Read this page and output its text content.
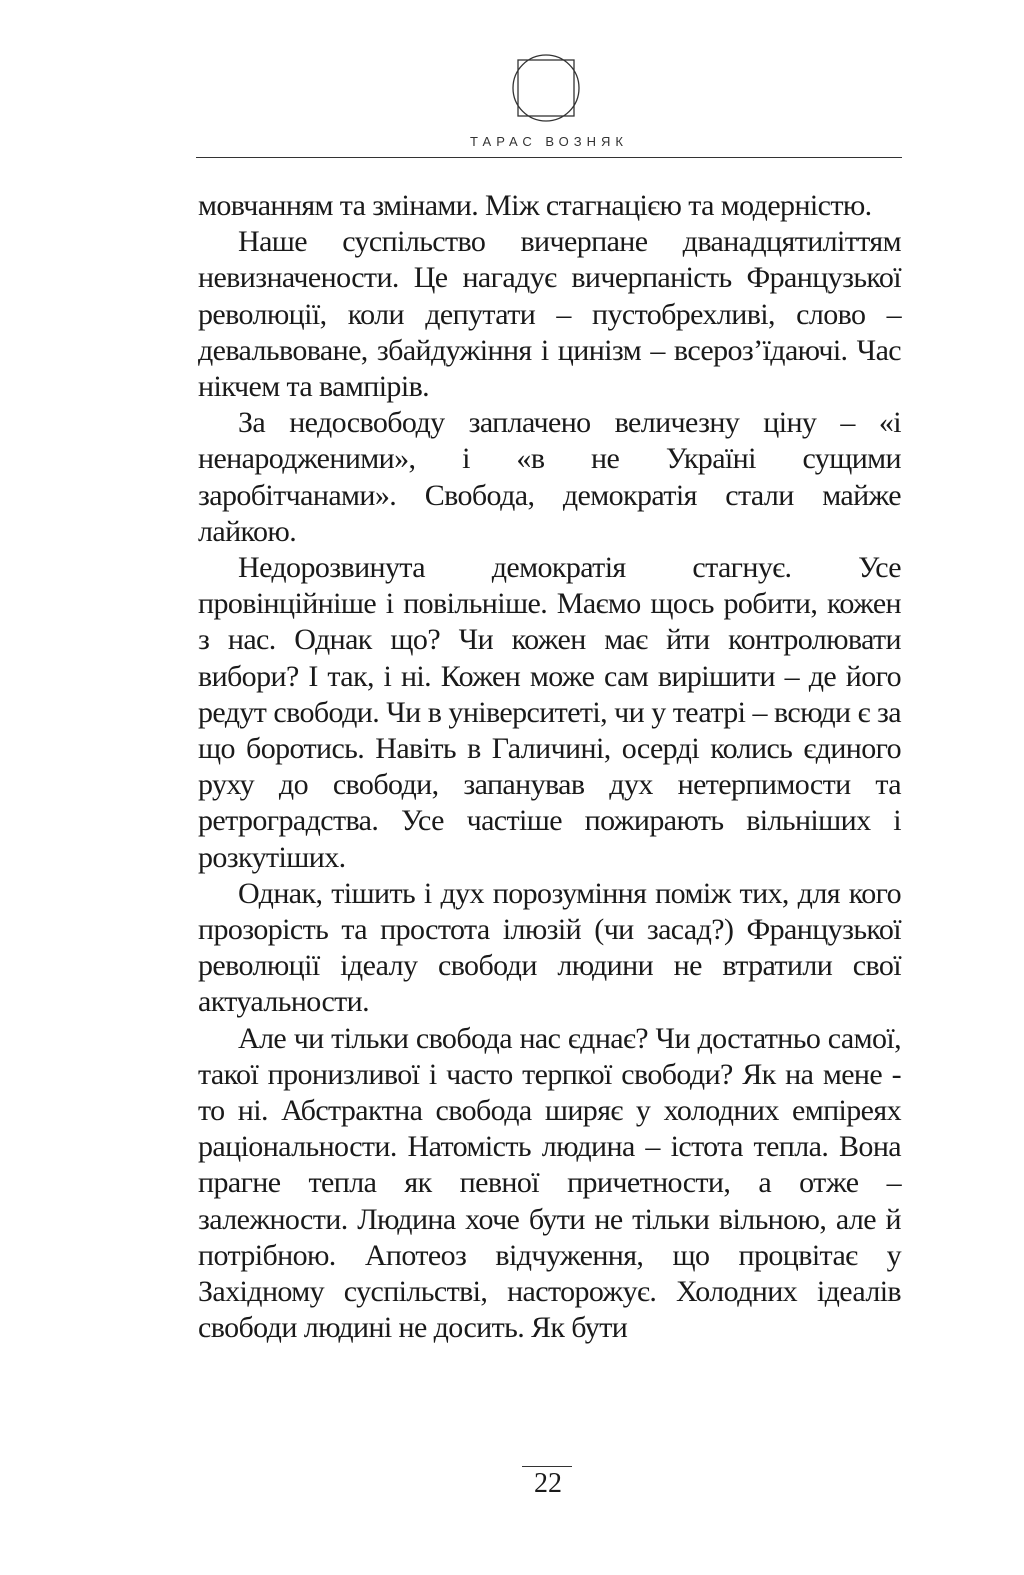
ТАРАС ВОЗНЯК

мовчанням та змінами. Між стагнацією та модерністю.

Наше суспільство вичерпане дванадцятиліттям невизначености. Це нагадує вичерпаність Французької революції, коли депутати – пустобрехливі, слово – девальвоване, збайдужіння і цинізм – всероз’їдаючі. Час нікчем та вампірів.

За недосвободу заплачено величезну ціну – «і ненародженими», і «в не Україні сущими заробітчанами». Свобода, демократія стали майже лайкою.

Недорозвинута демократія стагнує. Усе провінційніше і повільніше. Маємо щось робити, кожен з нас. Однак що? Чи кожен має йти контролювати вибори? І так, і ні. Кожен може сам вирішити – де його редут свободи. Чи в університеті, чи у театрі – всюди є за що боротись. Навіть в Галичині, осерді колись єдиного руху до свободи, запанував дух нетерпимости та ретроградства. Усе частіше пожирають вільніших і розкутіших.

Однак, тішить і дух порозуміння поміж тих, для кого прозорість та простота ілюзій (чи засад?) Французької революції ідеалу свободи людини не втратили свої актуальности.

Але чи тільки свобода нас єднає? Чи достатньо самої, такої пронизливої і часто терпкої свободи? Як на мене - то ні. Абстрактна свобода ширяє у холодних емпіреях раціональности. Натомість людина – істота тепла. Вона прагне тепла як певної причетности, а отже – залежности. Людина хоче бути не тільки вільною, але й потрібною. Апотеоз відчуження, що процвітає у Західному суспільстві, насторожує. Холодних ідеалів свободи людині не досить. Як бути

22
